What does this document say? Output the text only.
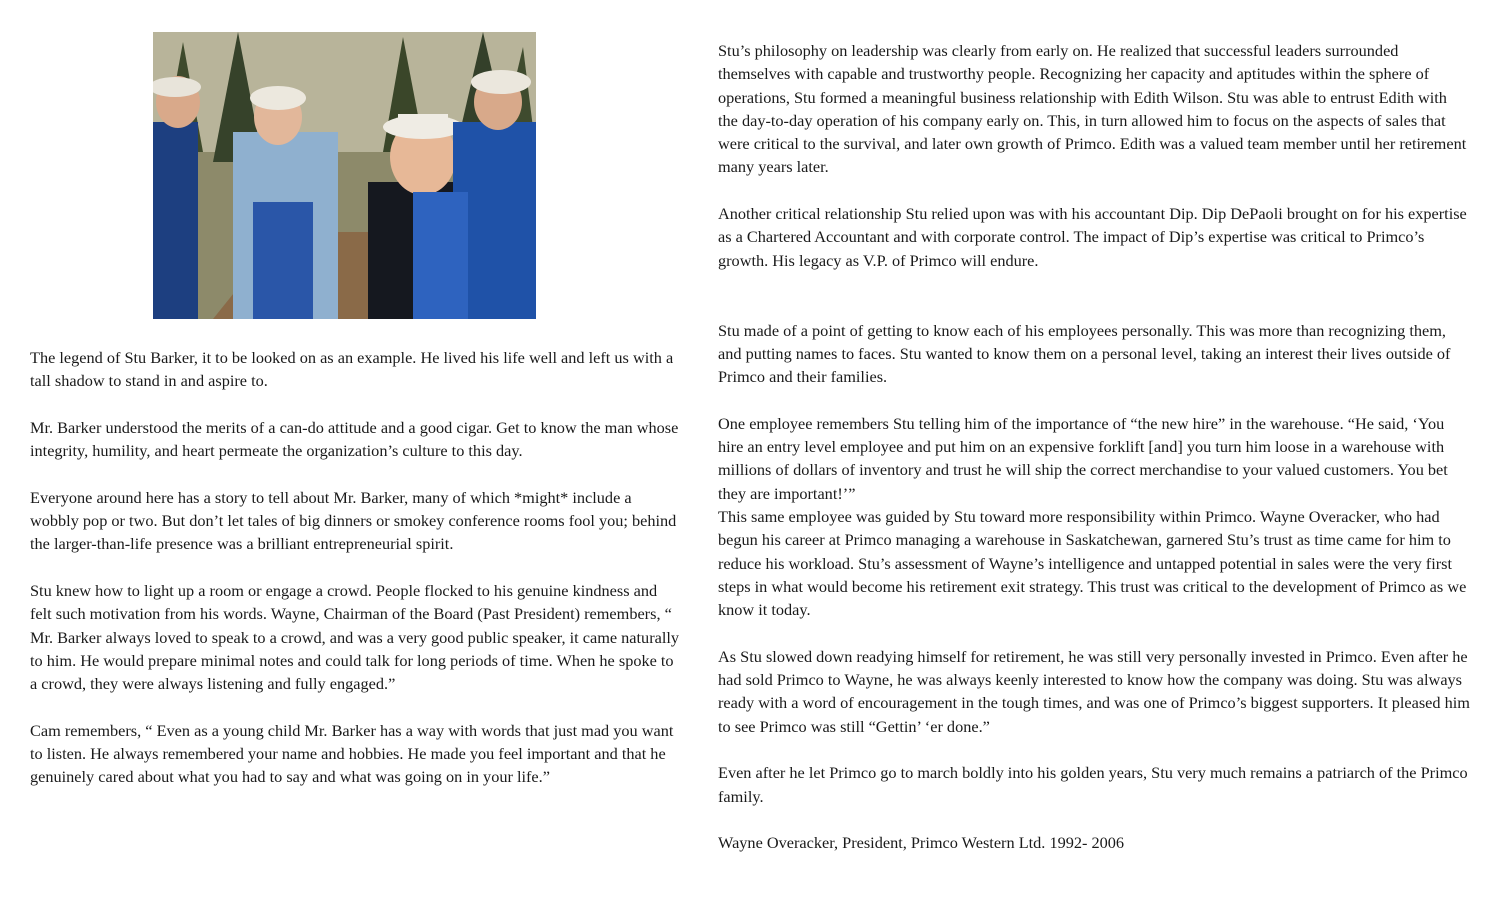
The legend of Stu Barker, it to be looked on as an example. He lived his life well and left us with a tall shadow to stand in and aspire to.

Mr. Barker understood the merits of a can-do attitude and a good cigar. Get to know the man whose integrity, humility, and heart permeate the organization’s culture to this day.

Everyone around here has a story to tell about Mr. Barker, many of which *might* include a wobbly pop or two. But don’t let tales of big dinners or smokey conference rooms fool you; behind the larger-than-life presence was a brilliant entrepreneurial spirit.

Stu knew how to light up a room or engage a crowd. People flocked to his genuine kindness and felt such motivation from his words. Wayne, Chairman of the Board (Past President) remembers, “ Mr. Barker always loved to speak to a crowd, and was a very good public speaker, it came naturally to him. He would prepare minimal notes and could talk for long periods of time. When he spoke to a crowd, they were always listening and fully engaged.”

Cam remembers, “ Even as a young child Mr. Barker has a way with words that just mad you want to listen. He always remembered your name and hobbies. He made you feel important and that he genuinely cared about what you had to say and what was going on in your life.”

Stu’s philosophy on leadership was clearly from early on. He realized that successful leaders surrounded themselves with capable and trustworthy people. Recognizing her capacity and aptitudes within the sphere of operations, Stu formed a meaningful business relationship with Edith Wilson. Stu was able to entrust Edith with the day-to-day operation of his company early on. This, in turn allowed him to focus on the aspects of sales that were critical to the survival, and later own growth of Primco. Edith was a valued team member until her retirement many years later.

Another critical relationship Stu relied upon was with his accountant Dip. Dip DePaoli brought on for his expertise as a Chartered Accountant and with corporate control. The impact of Dip’s expertise was critical to Primco’s growth. His legacy as V.P. of Primco will endure.

Stu made of a point of getting to know each of his employees personally. This was more than recognizing them, and putting names to faces. Stu wanted to know them on a personal level, taking an interest their lives outside of Primco and their families.

One employee remembers Stu telling him of the importance of “the new hire” in the warehouse. “He said, ‘You hire an entry level employee and put him on an expensive forklift [and] you turn him loose in a warehouse with millions of dollars of inventory and trust he will ship the correct merchandise to your valued customers. You bet they are important!’”

This same employee was guided by Stu toward more responsibility within Primco. Wayne Overacker, who had begun his career at Primco managing a warehouse in Saskatchewan, garnered Stu’s trust as time came for him to reduce his workload. Stu’s assessment of Wayne’s intelligence and untapped potential in sales were the very first steps in what would become his retirement exit strategy. This trust was critical to the development of Primco as we know it today.

As Stu slowed down readying himself for retirement, he was still very personally invested in Primco. Even after he had sold Primco to Wayne, he was always keenly interested to know how the company was doing. Stu was always ready with a word of encouragement in the tough times, and was one of Primco’s biggest supporters. It pleased him to see Primco was still “Gettin’ ‘er done.”

Even after he let Primco go to march boldly into his golden years, Stu very much remains a patriarch of the Primco family.

Wayne Overacker, President, Primco Western Ltd. 1992- 2006
